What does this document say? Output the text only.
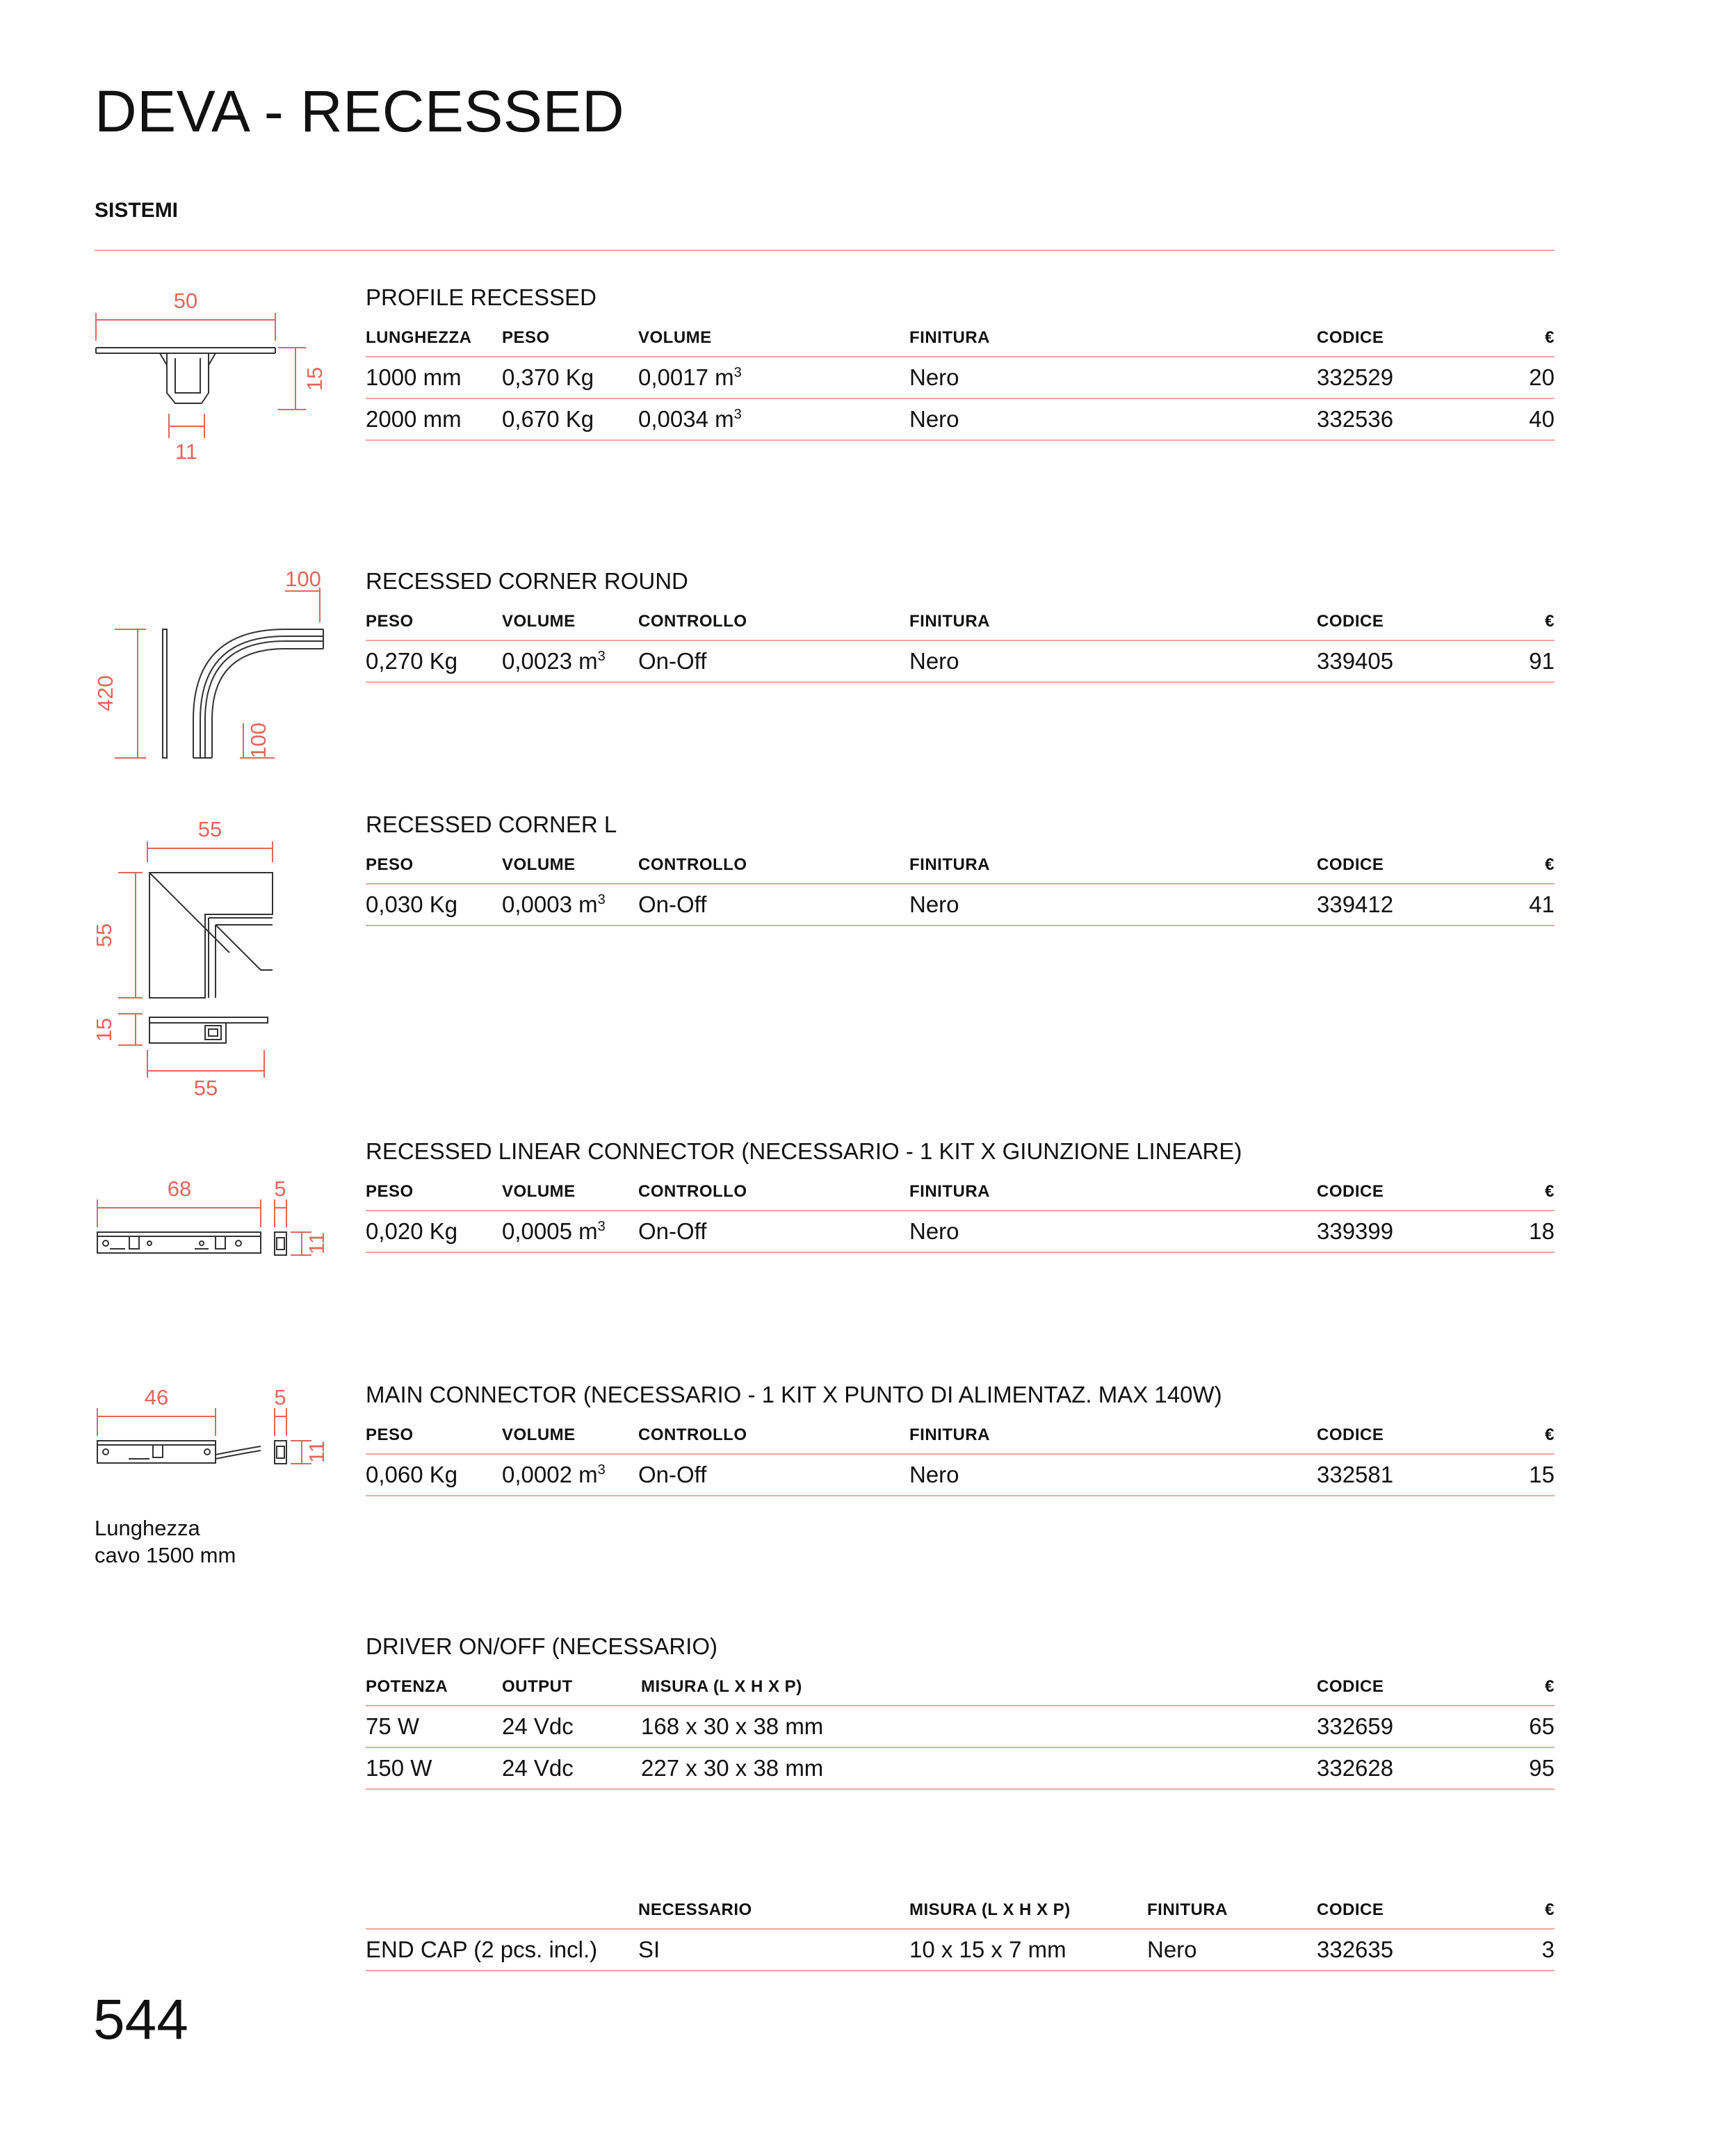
DEVA - RECESSED
SISTEMI
50
15
11
PROFILE RECESSED
LUNGHEZZA	PESO	VOLUME	FINITURA	CODICE	€
1000 mm	0,370 Kg	0,0017 $m^3$	Nero	332529	20
2000 mm	0,670 Kg	0,0034 $m^3$	Nero	332536	40
100
420
100
RECESSED CORNER ROUND
PESO	VOLUME	CONTROLLO	FINITURA	CODICE	€
0,270 Kg	0,0023 $m^3$	On-Off	Nero	339405	91
55
55
15
55
RECESSED CORNER L
PESO	VOLUME	CONTROLLO	FINITURA	CODICE	€
0,030 Kg	0,0003 $m^3$	On-Off	Nero	339412	41
68	5
11
RECESSED LINEAR CONNECTOR (NECESSARIO - 1 KIT X GIUNZIONE LINEARE)
PESO	VOLUME	CONTROLLO	FINITURA	CODICE	€
0,020 Kg	0,0005 $m^3$	On-Off	Nero	339399	18
46	5
11
Lunghezza
cavo 1500 mm
MAIN CONNECTOR (NECESSARIO - 1 KIT X PUNTO DI ALIMENTAZ. MAX 140W)
PESO	VOLUME	CONTROLLO	FINITURA	CODICE	€
0,060 Kg	0,0002 $m^3$	On-Off	Nero	332581	15
DRIVER ON/OFF (NECESSARIO)
POTENZA	OUTPUT	MISURA (L X H X P)	CODICE	€
75 W	24 Vdc	168 x 30 x 38 mm	332659	65
150 W	24 Vdc	227 x 30 x 38 mm	332628	95
	NECESSARIO	MISURA (L X H X P)	FINITURA	CODICE	€
END CAP (2 pcs. incl.)	SI	10 x 15 x 7 mm	Nero	332635	3
544
